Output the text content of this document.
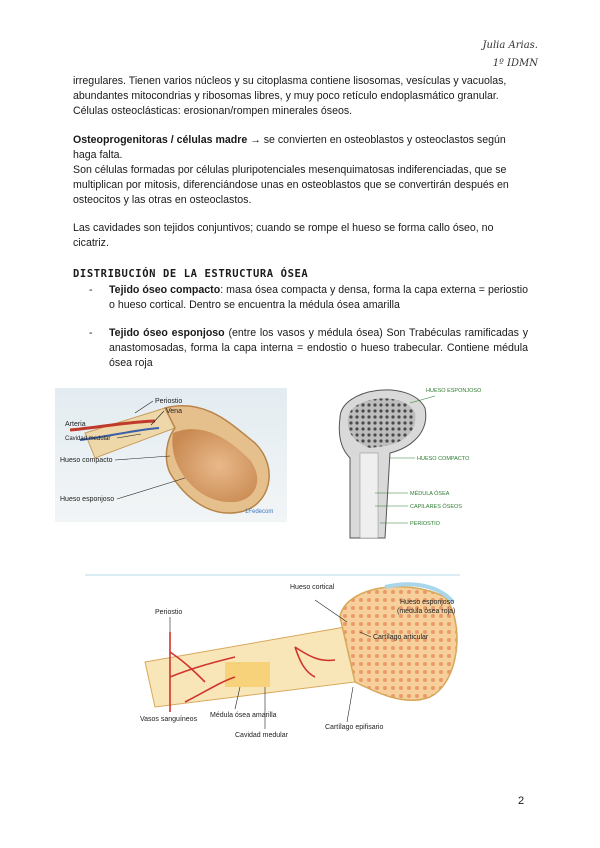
Julia Arias.
1º IDMN

irregulares. Tienen varios núcleos y su citoplasma contiene lisosomas, vesículas y vacuolas,

abundantes mitocondrias y ribosomas libres, y muy poco retículo endoplasmático granular.

Células osteoclásticas: erosionan/rompen minerales óseos.

Osteoprogenitoras / células madre → se convierten en osteoblastos y osteoclastos según haga falta.

Son células formadas por células pluripotenciales mesenquimatosas indiferenciadas, que se multiplican por mitosis, diferenciándose unas en osteoblastos que se convertirán después en osteocitos y las otras en osteoclastos.

Las cavidades son tejidos conjuntivos; cuando se rompe el hueso se forma callo óseo, no cicatriz.

DISTRIBUCIÓN DE LA ESTRUCTURA ÓSEA
- Tejido óseo compacto: masa ósea compacta y densa, forma la capa externa = periostio o hueso cortical. Dentro se encuentra la médula ósea amarilla
- Tejido óseo esponjoso (entre los vasos y médula ósea) Son Trabéculas ramificadas y anastomosadas, forma la capa interna = endostio o hueso trabecular. Contiene médula ósea roja
Periostio
Vena
Arteria
Cavidad medular
Hueso compacto
Hueso esponjoso
1Fedecom
HUESO ESPONJOSO
HUESO COMPACTO
MÉDULA ÓSEA
CAPILARES ÓSEOS
PERIOSTIO
Periostio
Hueso cortical
Hueso esponjoso
(médula ósea roja)
Cartílago articular
Vasos sanguíneos
Médula ósea amarilla
Cavidad medular
Cartílago epifisario
2
